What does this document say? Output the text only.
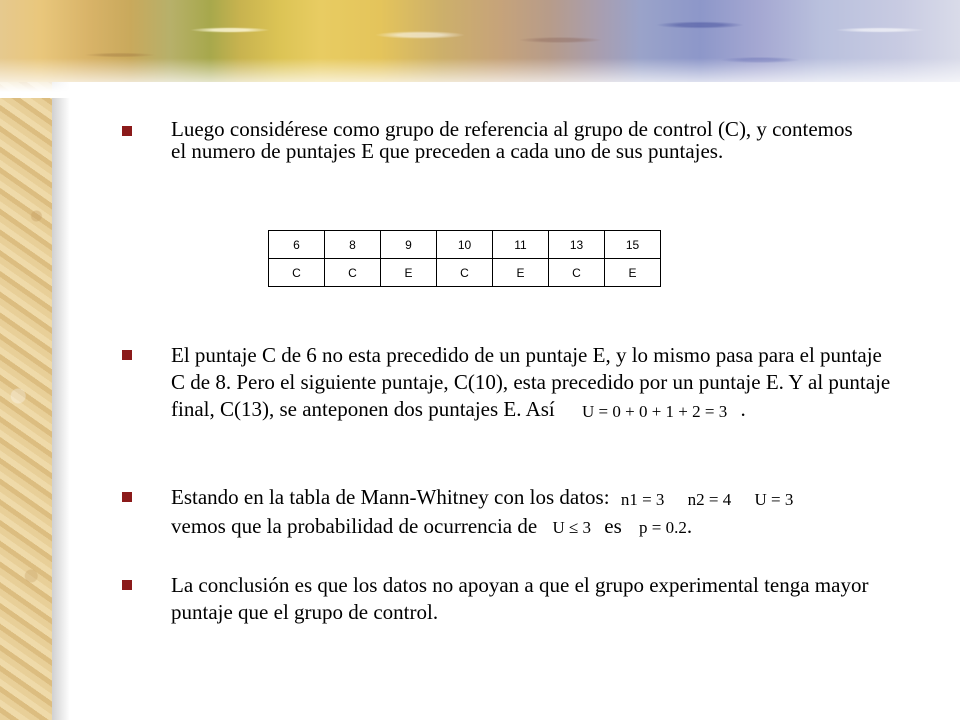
Luego considérese como grupo de referencia al grupo de control (C), y contemos el numero de puntajes E que preceden a cada uno de sus puntajes.

6	8	9	10	11	13	15
C	C	E	C	E	C	E

El puntaje C de 6 no esta precedido de un puntaje E, y lo mismo pasa para el puntaje C de 8. Pero el siguiente puntaje, C(10), esta precedido por un puntaje E. Y al puntaje final, C(13), se anteponen dos puntajes E. Así U = 0 + 0 + 1 + 2 = 3 .

Estando en la tabla de Mann-Whitney con los datos: n1 = 3 n2 = 4 U = 3
vemos que la probabilidad de ocurrencia de U ≤ 3 es p = 0.2.

La conclusión es que los datos no apoyan a que el grupo experimental tenga mayor puntaje que el grupo de control.
